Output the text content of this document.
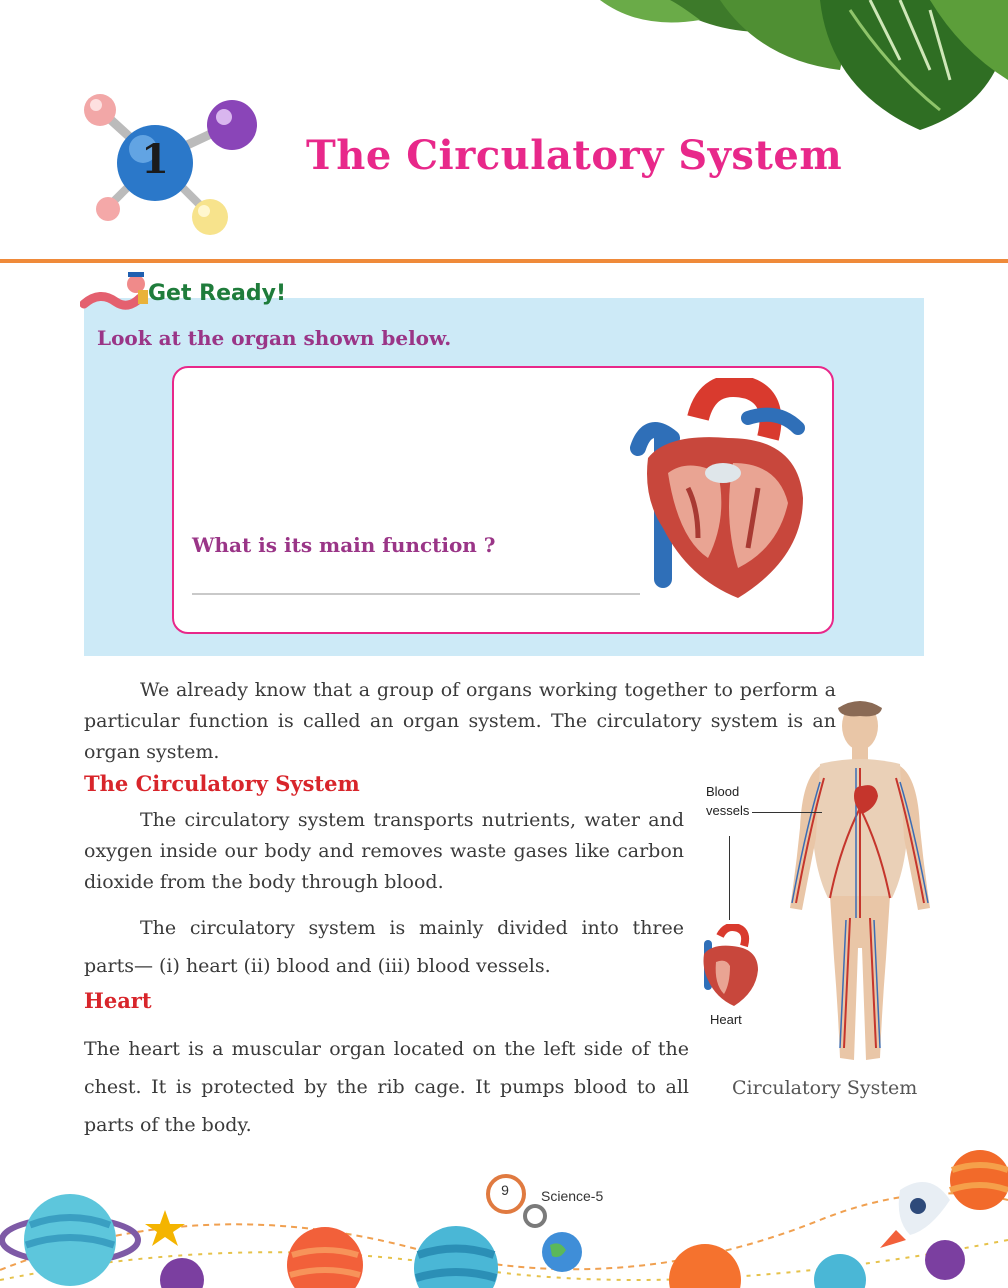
1	The Circulatory System
Get Ready!
Look at the organ shown below.
What is its main function ?
We already know that a group of organs working together to perform a particular function is called an organ system. The circulatory system is an organ system.
The Circulatory System
The circulatory system transports nutrients, water and oxygen inside our body and removes waste gases like carbon dioxide from the body through blood.
The circulatory system is mainly divided into three parts— (i) heart (ii) blood and (iii) blood vessels.
Heart
The heart is a muscular organ located on the left side of the chest. It is protected by the rib cage. It pumps blood to all parts of the body.
Blood
vessels
Heart
Circulatory System
9	Science-5
